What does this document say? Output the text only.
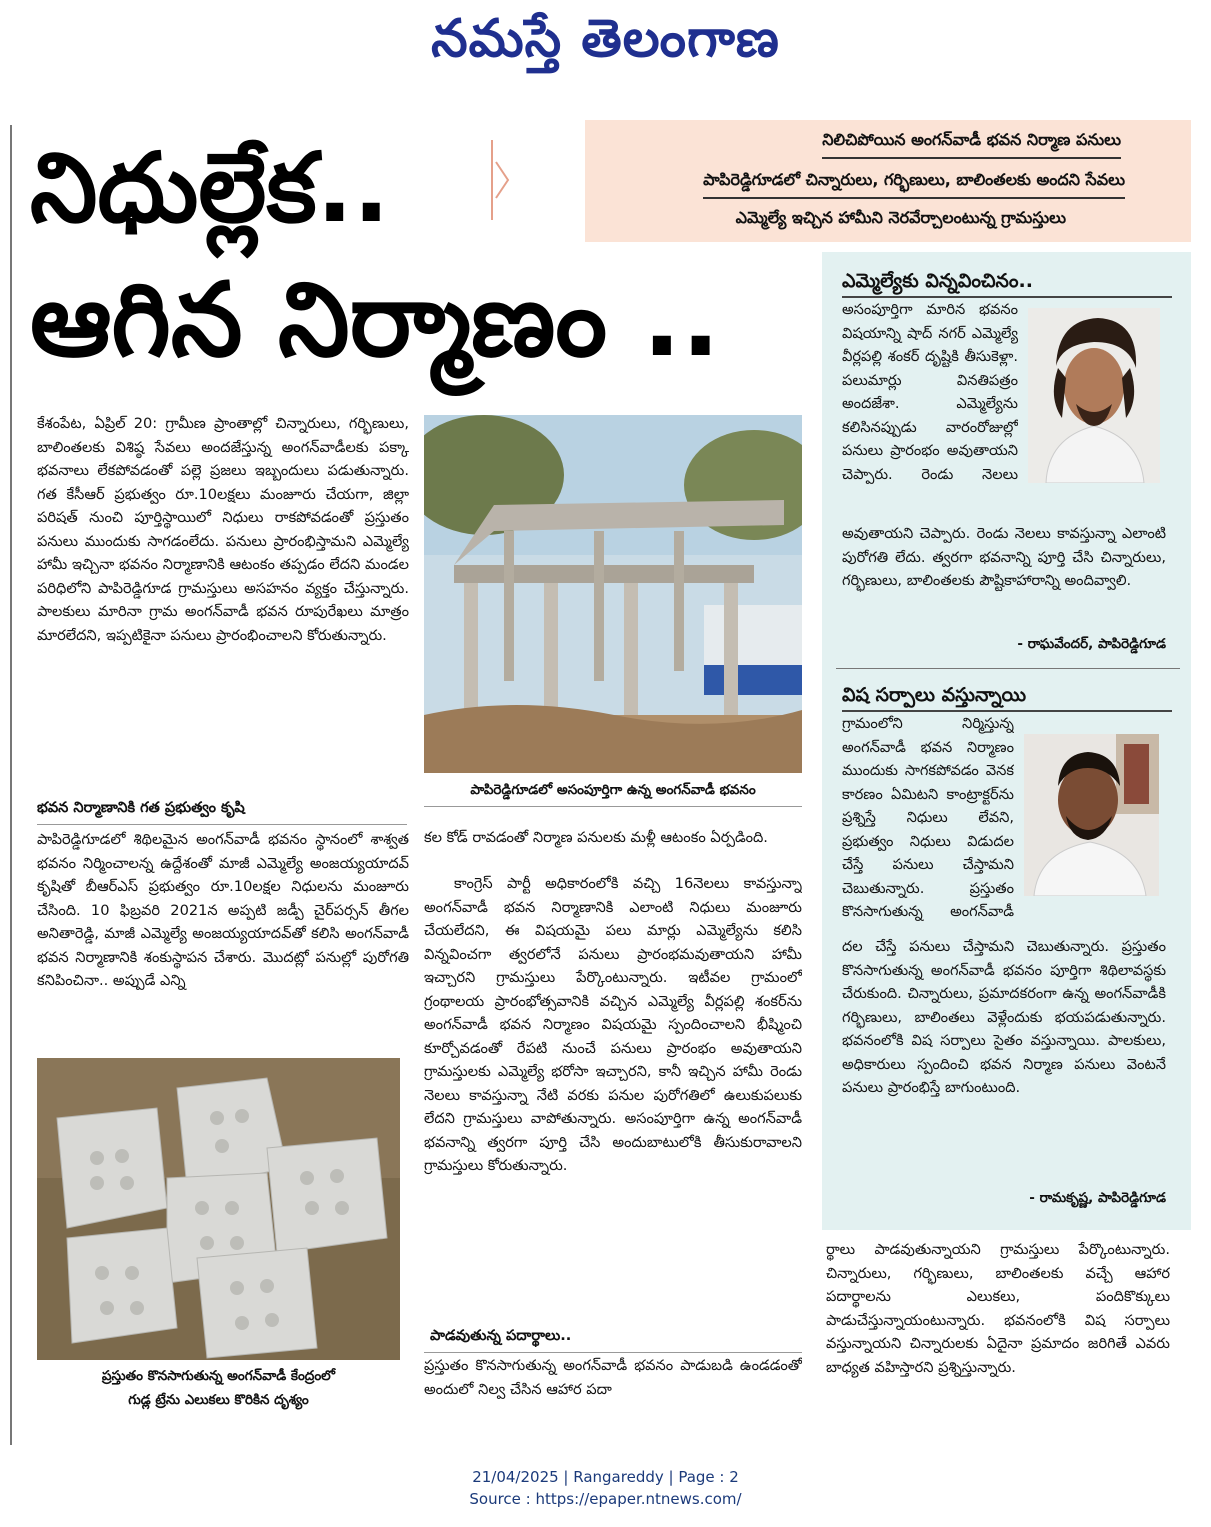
నమస్తే తెలంగాణ
నిధుల్లేక..
ఆగిన నిర్మాణం ..
నిలిచిపోయిన అంగన్‌వాడీ భవన నిర్మాణ పనులు
పాపిరెడ్డిగూడలో చిన్నారులు, గర్భిణులు, బాలింతలకు అందని సేవలు
ఎమ్మెల్యే ఇచ్చిన హామీని నెరవేర్చాలంటున్న గ్రామస్తులు
ఎమ్మెల్యేకు విన్నవించినం..

అసంపూర్తిగా మారిన భవనం విషయాన్ని షాద్ నగర్ ఎమ్మెల్యే వీర్లపల్లి శంకర్ దృష్టికి తీసుకెళ్లా. పలుమార్లు వినతిపత్రం అందజేశా. ఎమ్మెల్యేను కలిసినప్పుడు వారంరోజుల్లో పనులు ప్రారంభం అవుతాయని చెప్పారు. రెండు నెలలు

అవుతాయని చెప్పారు. రెండు నెలలు కావస్తున్నా ఎలాంటి పురోగతి లేదు. త్వరగా భవనాన్ని పూర్తి చేసి చిన్నారులు, గర్భిణులు, బాలింతలకు పౌష్టికాహారాన్ని అందివ్వాలి.

- రాఘవేందర్, పాపిరెడ్డిగూడ
విష సర్పాలు వస్తున్నాయి

గ్రామంలోని నిర్మిస్తున్న అంగన్‌వాడీ భవన నిర్మాణం ముందుకు సాగకపోవడం వెనక కారణం ఏమిటని కాంట్రాక్టర్‌ను ప్రశ్నిస్తే నిధులు లేవని, ప్రభుత్వం నిధులు విడుదల చేస్తే పనులు చేస్తామని చెబుతున్నారు. ప్రస్తుతం కొనసాగుతున్న అంగన్‌వాడీ

దల చేస్తే పనులు చేస్తామని చెబుతున్నారు. ప్రస్తుతం కొనసాగుతున్న అంగన్‌వాడీ భవనం పూర్తిగా శిథిలావస్థకు చేరుకుంది. చిన్నారులు, ప్రమాదకరంగా ఉన్న అంగన్‌వాడీకి గర్భిణులు, బాలింతలు వెళ్లేందుకు భయపడుతున్నారు. భవనంలోకి విష సర్పాలు సైతం వస్తున్నాయి. పాలకులు, అధికారులు స్పందించి భవన నిర్మాణ పనులు వెంటనే పనులు ప్రారంభిస్తే బాగుంటుంది.

- రామకృష్ణ, పాపిరెడ్డిగూడ
కేశంపేట, ఏప్రిల్ 20: గ్రామీణ ప్రాంతాల్లో చిన్నారులు, గర్భిణులు, బాలింతలకు విశిష్ఠ సేవలు అందజేస్తున్న అంగన్‌వాడీలకు పక్కా భవనాలు లేకపోవడంతో పల్లె ప్రజలు ఇబ్బందులు పడుతున్నారు. గత కేసీఆర్ ప్రభుత్వం రూ.10లక్షలు మంజూరు చేయగా, జిల్లా పరిషత్ నుంచి పూర్తిస్థాయిలో నిధులు రాకపోవడంతో ప్రస్తుతం పనులు ముందుకు సాగడంలేదు. పనులు ప్రారంభిస్తామని ఎమ్మెల్యే హామీ ఇచ్చినా భవనం నిర్మాణానికి ఆటంకం తప్పడం లేదని మండల పరిధిలోని పాపిరెడ్డిగూడ గ్రామస్తులు అసహనం వ్యక్తం చేస్తున్నారు. పాలకులు మారినా గ్రామ అంగన్‌వాడీ భవన రూపురేఖలు మాత్రం మారలేదని, ఇప్పటికైనా పనులు ప్రారంభించాలని కోరుతున్నారు.
భవన నిర్మాణానికి గత ప్రభుత్వం కృషి
పాపిరెడ్డిగూడలో శిథిలమైన అంగన్‌వాడీ భవనం స్థానంలో శాశ్వత భవనం నిర్మించాలన్న ఉద్దేశంతో మాజీ ఎమ్మెల్యే అంజయ్యయాదవ్ కృషితో బీఆర్‌ఎస్ ప్రభుత్వం రూ.10లక్షల నిధులను మంజూరు చేసింది. 10 ఫిబ్రవరి 2021న అప్పటి జడ్పీ చైర్‌పర్సన్ తీగల అనితారెడ్డి, మాజీ ఎమ్మెల్యే అంజయ్యయాదవ్‌తో కలిసి అంగన్‌వాడీ భవన నిర్మాణానికి శంకుస్థాపన చేశారు. మొదట్లో పనుల్లో పురోగతి కనిపించినా.. అప్పుడే ఎన్ని
పాపిరెడ్డిగూడలో అసంపూర్తిగా ఉన్న అంగన్‌వాడీ భవనం
కల కోడ్ రావడంతో నిర్మాణ పనులకు మళ్లీ ఆటంకం ఏర్పడింది.
కాంగ్రెస్ పార్టీ అధికారంలోకి వచ్చి 16నెలలు కావస్తున్నా అంగన్‌వాడీ భవన నిర్మాణానికి ఎలాంటి నిధులు మంజూరు చేయలేదని, ఈ విషయమై పలు మార్లు ఎమ్మెల్యేను కలిసి విన్నవించగా త్వరలోనే పనులు ప్రారంభమవుతాయని హామీ ఇచ్చారని గ్రామస్తులు పేర్కొంటున్నారు. ఇటీవల గ్రామంలో గ్రంథాలయ ప్రారంభోత్సవానికి వచ్చిన ఎమ్మెల్యే వీర్లపల్లి శంకర్‌ను అంగన్‌వాడీ భవన నిర్మాణం విషయమై స్పందించాలని భీష్మించి కూర్చోవడంతో రేపటి నుంచే పనులు ప్రారంభం అవుతాయని గ్రామస్తులకు ఎమ్మెల్యే భరోసా ఇచ్చారని, కానీ ఇచ్చిన హామీ రెండు నెలలు కావస్తున్నా నేటి వరకు పనుల పురోగతిలో ఉలుకుపలుకు లేదని గ్రామస్తులు వాపోతున్నారు. అసంపూర్తిగా ఉన్న అంగన్‌వాడీ భవనాన్ని త్వరగా పూర్తి చేసి అందుబాటులోకి తీసుకురావాలని గ్రామస్తులు కోరుతున్నారు.
పాడవుతున్న పదార్థాలు..
ప్రస్తుతం కొనసాగుతున్న అంగన్‌వాడీ భవనం పాడుబడి ఉండడంతో అందులో నిల్వ చేసిన ఆహార పదా
ప్రస్తుతం కొనసాగుతున్న అంగన్‌వాడీ కేంద్రంలో
గుడ్ల ట్రేను ఎలుకలు కొరికిన దృశ్యం
ర్థాలు పాడవుతున్నాయని గ్రామస్తులు పేర్కొంటున్నారు. చిన్నారులు, గర్భిణులు, బాలింతలకు వచ్చే ఆహార పదార్థాలను ఎలుకలు, పందికొక్కులు పాడుచేస్తున్నాయంటున్నారు. భవనంలోకి విష సర్పాలు వస్తున్నాయని చిన్నారులకు ఏదైనా ప్రమాదం జరిగితే ఎవరు బాధ్యత వహిస్తారని ప్రశ్నిస్తున్నారు.
21/04/2025 | Rangareddy | Page : 2
Source : https://epaper.ntnews.com/
